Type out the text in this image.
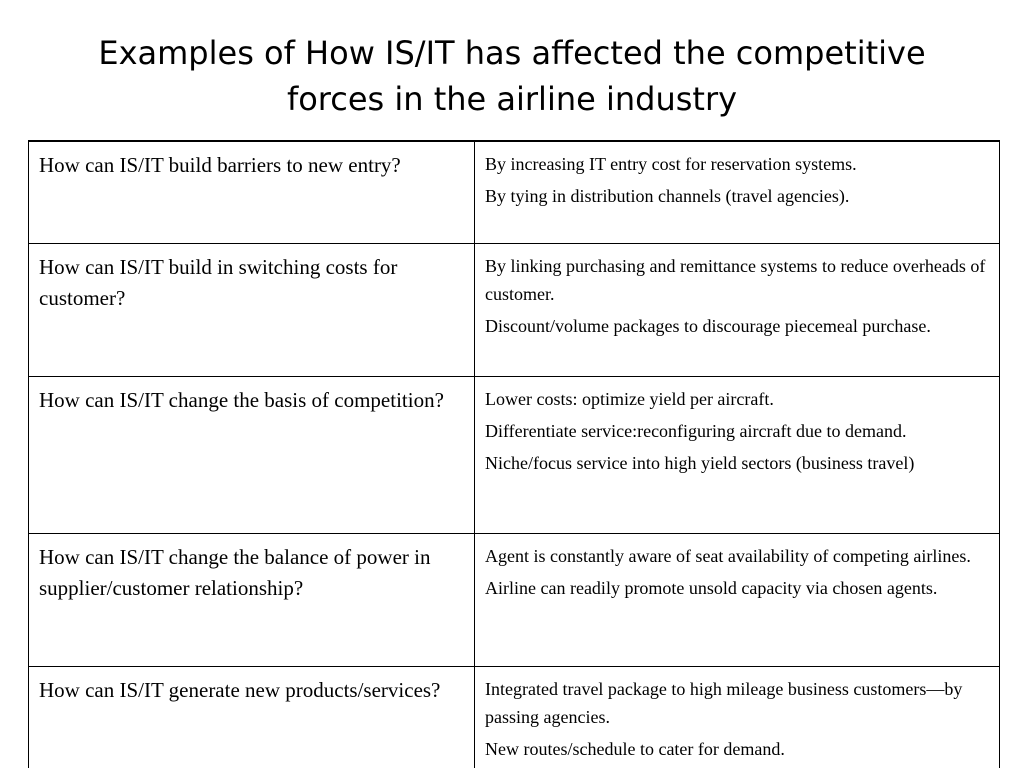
Examples of How IS/IT has affected the competitive
forces in the airline industry
How can IS/IT build barriers to new entry?	By increasing IT entry cost for reservation systems.

By tying in distribution channels (travel agencies).

How can IS/IT build in switching costs for customer?	By linking purchasing and remittance systems to reduce overheads of customer.

Discount/volume packages to discourage piecemeal purchase.

How can IS/IT change the basis of competition?	Lower costs: optimize yield per aircraft.

Differentiate service:reconfiguring aircraft due to demand.

Niche/focus service into high yield sectors (business travel)

How can IS/IT change the balance of power in supplier/customer relationship?	Agent is constantly aware of seat availability of competing airlines.

Airline can readily promote unsold capacity via chosen agents.

How can IS/IT generate new products/services?	Integrated travel package to high mileage business customers—by passing agencies.

New routes/schedule to cater for demand.
